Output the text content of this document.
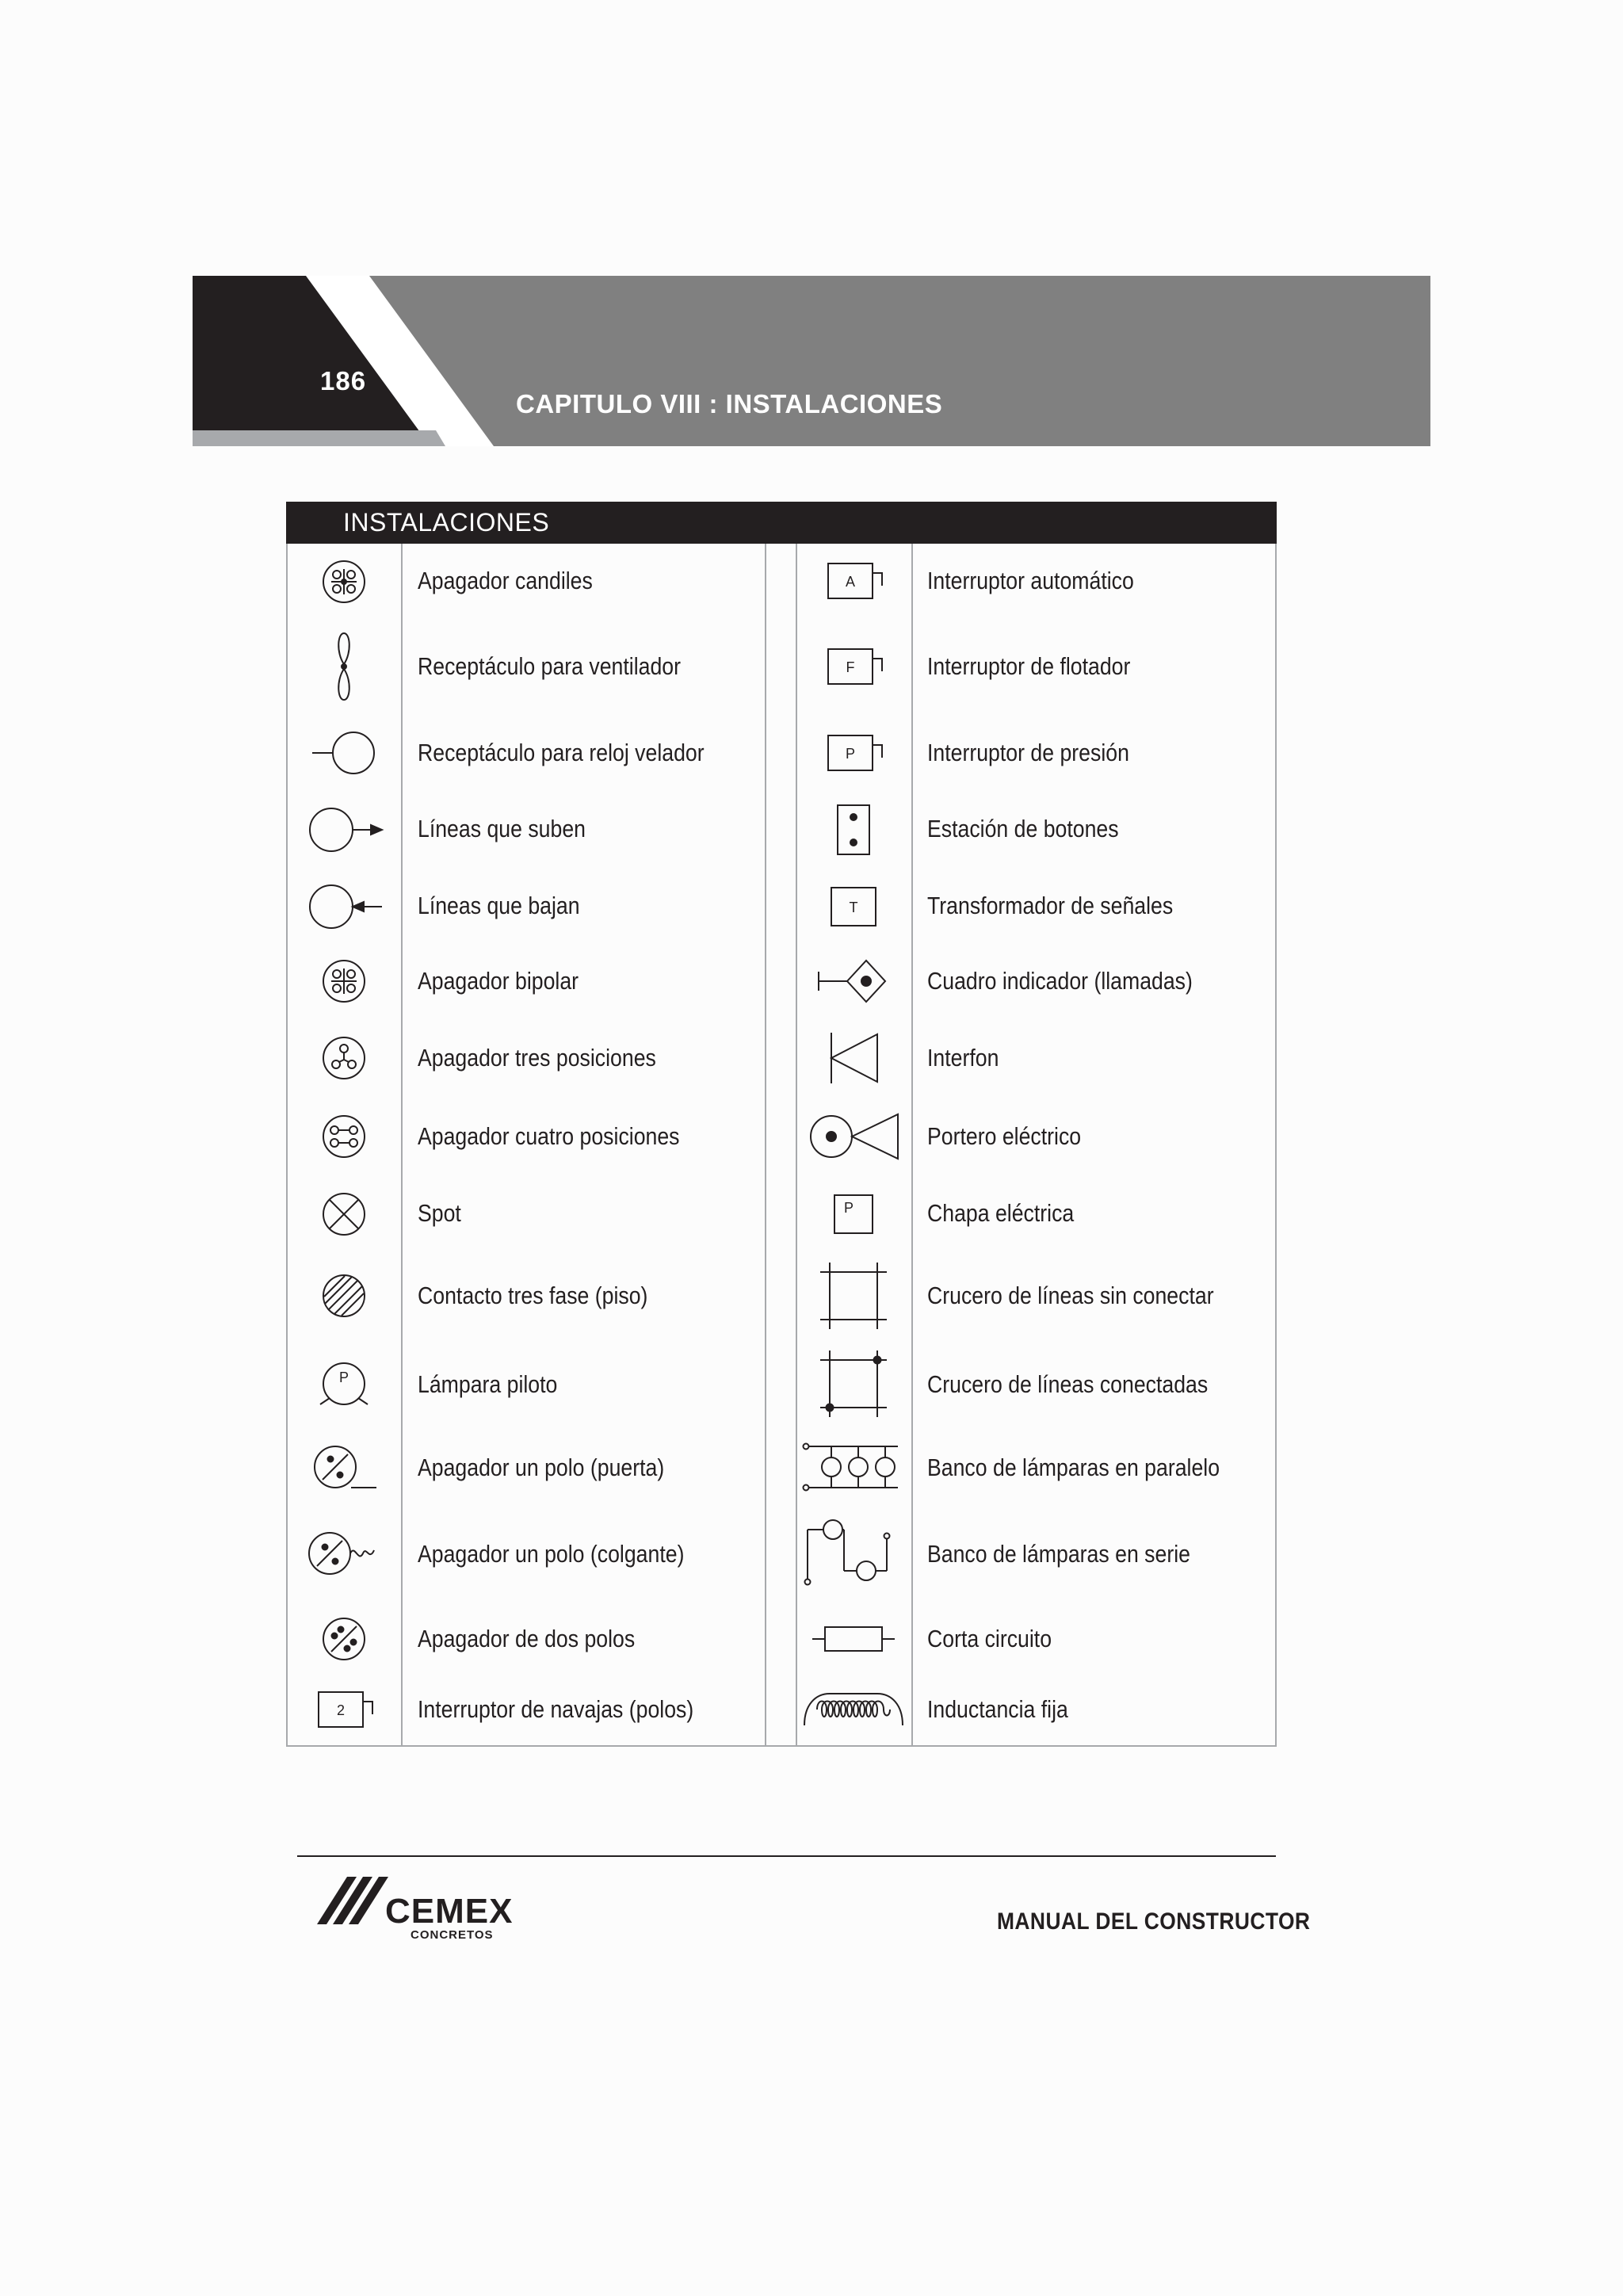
186
CAPITULO VIII : INSTALACIONES
INSTALACIONES
Apagador candiles
Receptáculo para ventilador
Receptáculo para reloj velador
Líneas que suben
Líneas que bajan
Apagador bipolar
Apagador tres posiciones
Apagador cuatro posiciones
Spot
Contacto tres fase (piso)
P	Lámpara piloto
Apagador un polo (puerta)
Apagador un polo (colgante)
Apagador de dos polos
2	Interruptor de navajas (polos)
A	Interruptor automático
F	Interruptor de flotador
P	Interruptor de presión
Estación de botones
T	Transformador de señales
Cuadro indicador (llamadas)
Interfon
Portero eléctrico
P	Chapa eléctrica
Crucero de líneas sin conectar
Crucero de líneas conectadas
Banco de lámparas en paralelo
Banco de lámparas en serie
Corta circuito
Inductancia fija
CEMEX
CONCRETOS
MANUAL DEL CONSTRUCTOR
